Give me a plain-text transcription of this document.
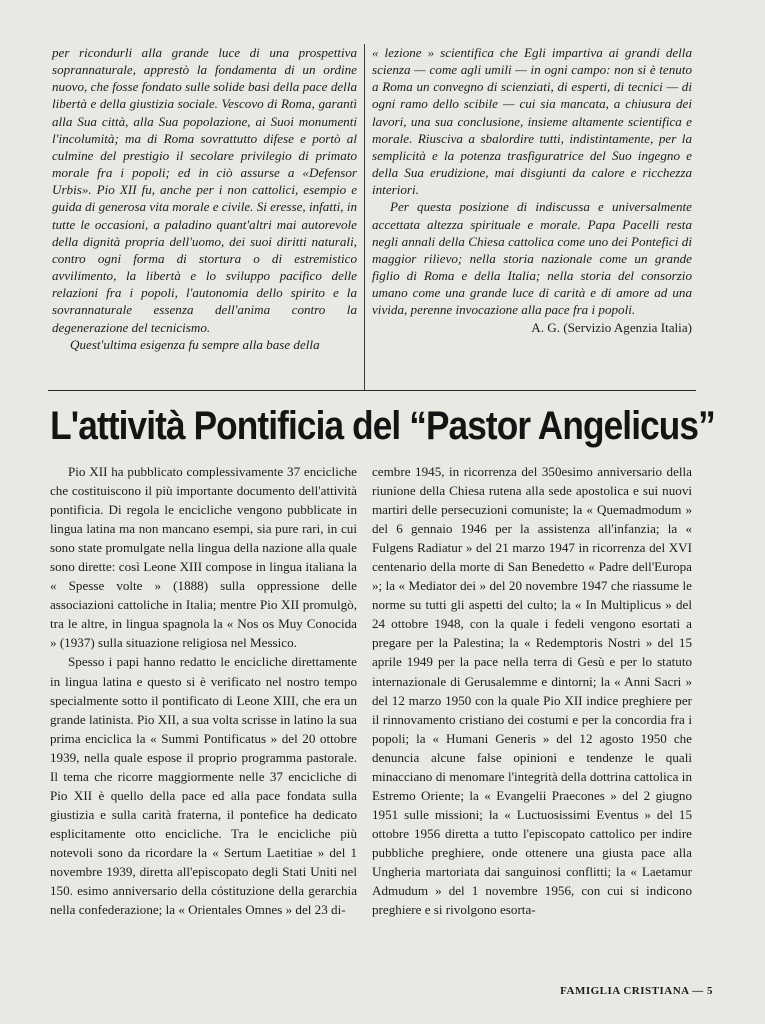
per ricondurli alla grande luce di una prospettiva soprannaturale, apprestò la fondamenta di un ordine nuovo, che fosse fondato sulle solide basi della pace della libertà e della giustizia sociale. Vescovo di Roma, garantì alla Sua città, alla Sua popolazione, ai Suoi monumenti l'incolumità; ma di Roma sovrattutto difese e portò al culmine del prestigio il secolare privilegio di primato morale fra i popoli; ed in ciò assurse a «Defensor Urbis». Pio XII fu, anche per i non cattolici, esempio e guida di generosa vita morale e civile. Si eresse, infatti, in tutte le occasioni, a paladino quant'altri mai autorevole della dignità propria dell'uomo, dei suoi diritti naturali, contro ogni forma di stortura o di estremistico avvilimento, la libertà e lo sviluppo pacifico delle relazioni fra i popoli, l'autonomia dello spirito e la sovrannaturale essenza dell'anima contro la degenerazione del tecnicismo.

Quest'ultima esigenza fu sempre alla base della

« lezione » scientifica che Egli impartiva ai grandi della scienza — come agli umili — in ogni campo: non si è tenuto a Roma un convegno di scienziati, di esperti, di tecnici — di ogni ramo dello scibile — cui sia mancata, a chiusura dei lavori, una sua conclusione, insieme altamente scientifica e morale. Riusciva a sbalordire tutti, indistintamente, per la semplicità e la potenza trasfiguratrice del Suo ingegno e della Sua erudizione, mai disgiunti da calore e ricchezza interiori.

Per questa posizione di indiscussa e universalmente accettata altezza spirituale e morale. Papa Pacelli resta negli annali della Chiesa cattolica come uno dei Pontefici di maggior rilievo; nella storia nazionale come un grande figlio di Roma e della Italia; nella storia del consorzio umano come una grande luce di carità e di amore ad una vivida, perenne invocazione alla pace fra i popoli.

A. G. (Servizio Agenzia Italia)

L'attività Pontificia del “Pastor Angelicus”

Pio XII ha pubblicato complessivamente 37 encicliche che costituiscono il più importante documento dell'attività pontificia. Di regola le encicliche vengono pubblicate in lingua latina ma non mancano esempi, sia pure rari, in cui sono state promulgate nella lingua della nazione alla quale sono dirette: così Leone XIII compose in lingua italiana la « Spesse volte » (1888) sulla oppressione delle associazioni cattoliche in Italia; mentre Pio XII promulgò, tra le altre, in lingua spagnola la « Nos os Muy Conocida » (1937) sulla situazione religiosa nel Messico.

Spesso i papi hanno redatto le encicliche direttamente in lingua latina e questo si è verificato nel nostro tempo specialmente sotto il pontificato di Leone XIII, che era un grande latinista. Pio XII, a sua volta scrisse in latino la sua prima enciclica la « Summi Pontificatus » del 20 ottobre 1939, nella quale espose il proprio programma pastorale. Il tema che ricorre maggiormente nelle 37 encicliche di Pio XII è quello della pace ed alla pace fondata sulla giustizia e sulla carità fraterna, il pontefice ha dedicato esplicitamente otto encicliche. Tra le encicliche più notevoli sono da ricordare la « Sertum Laetitiae » del 1 novembre 1939, diretta all'episcopato degli Stati Uniti nel 150. esimo anniversario della cóstituzione della gerarchia nella confederazione; la « Orientales Omnes » del 23 di-

cembre 1945, in ricorrenza del 350esimo anniversario della riunione della Chiesa rutena alla sede apostolica e sui nuovi martiri delle persecuzioni comuniste; la « Quemadmodum » del 6 gennaio 1946 per la assistenza all'infanzia; la « Fulgens Radiatur » del 21 marzo 1947 in ricorrenza del XVI centenario della morte di San Benedetto « Padre dell'Europa »; la « Mediator dei » del 20 novembre 1947 che riassume le norme su tutti gli aspetti del culto; la « In Multiplicus » del 24 ottobre 1948, con la quale i fedeli vengono esortati a pregare per la Palestina; la « Redemptoris Nostri » del 15 aprile 1949 per la pace nella terra di Gesù e per lo statuto internazionale di Gerusalemme e dintorni; la « Anni Sacri » del 12 marzo 1950 con la quale Pio XII indice preghiere per il rinnovamento cristiano dei costumi e per la concordia fra i popoli; la « Humani Generis » del 12 agosto 1950 che denuncia alcune false opinioni e tendenze le quali minacciano di menomare l'integrità della dottrina cattolica in Estremo Oriente; la « Evangelii Praecones » del 2 giugno 1951 sulle missioni; la « Luctuosissimi Eventus » del 15 ottobre 1956 diretta a tutto l'episcopato cattolico per indire pubbliche preghiere, onde ottenere una giusta pace alla Ungheria martoriata dai sanguinosi conflitti; la « Laetamur Admudum » del 1 novembre 1956, con cui si indicono preghiere e si rivolgono esorta-

FAMIGLIA CRISTIANA — 5
